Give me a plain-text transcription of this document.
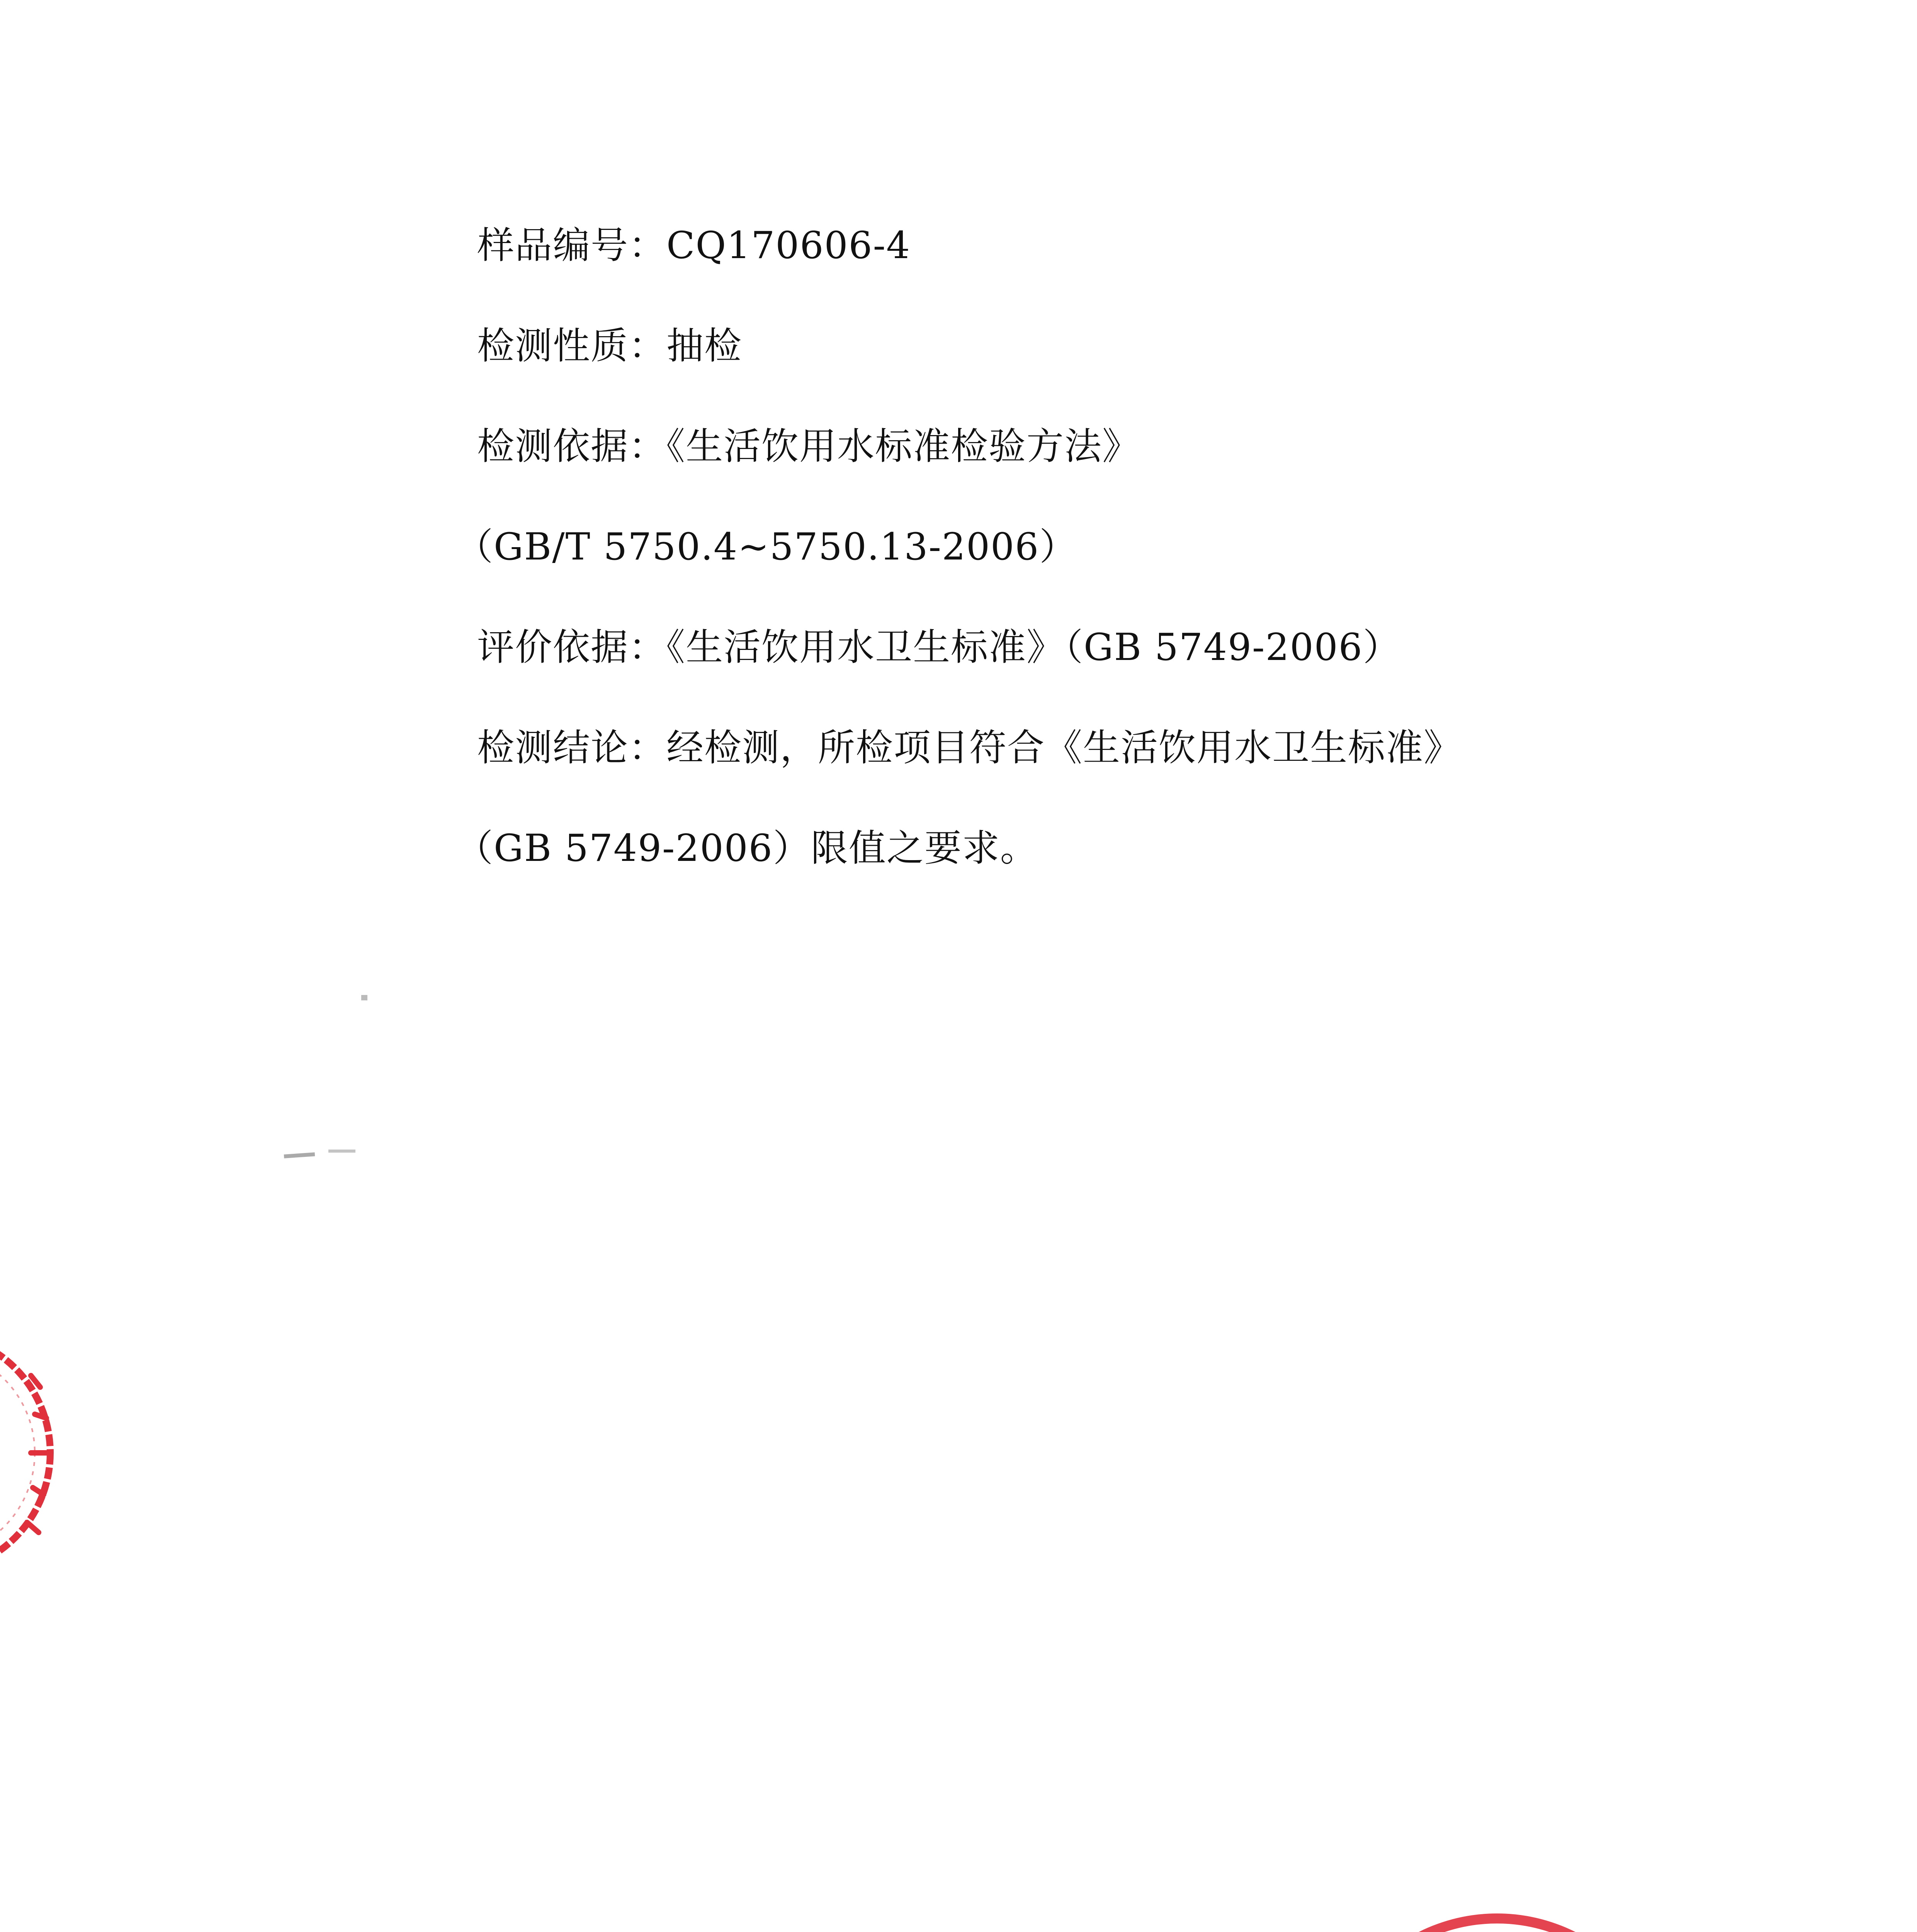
样品编号：CQ170606-4
检测性质：抽检
检测依据：《生活饮用水标准检验方法》
（GB/T 5750.4~5750.13-2006）
评价依据：《生活饮用水卫生标准》（GB 5749-2006）
检测结论：经检测，所检项目符合《生活饮用水卫生标准》
（GB 5749-2006）限值之要求。
